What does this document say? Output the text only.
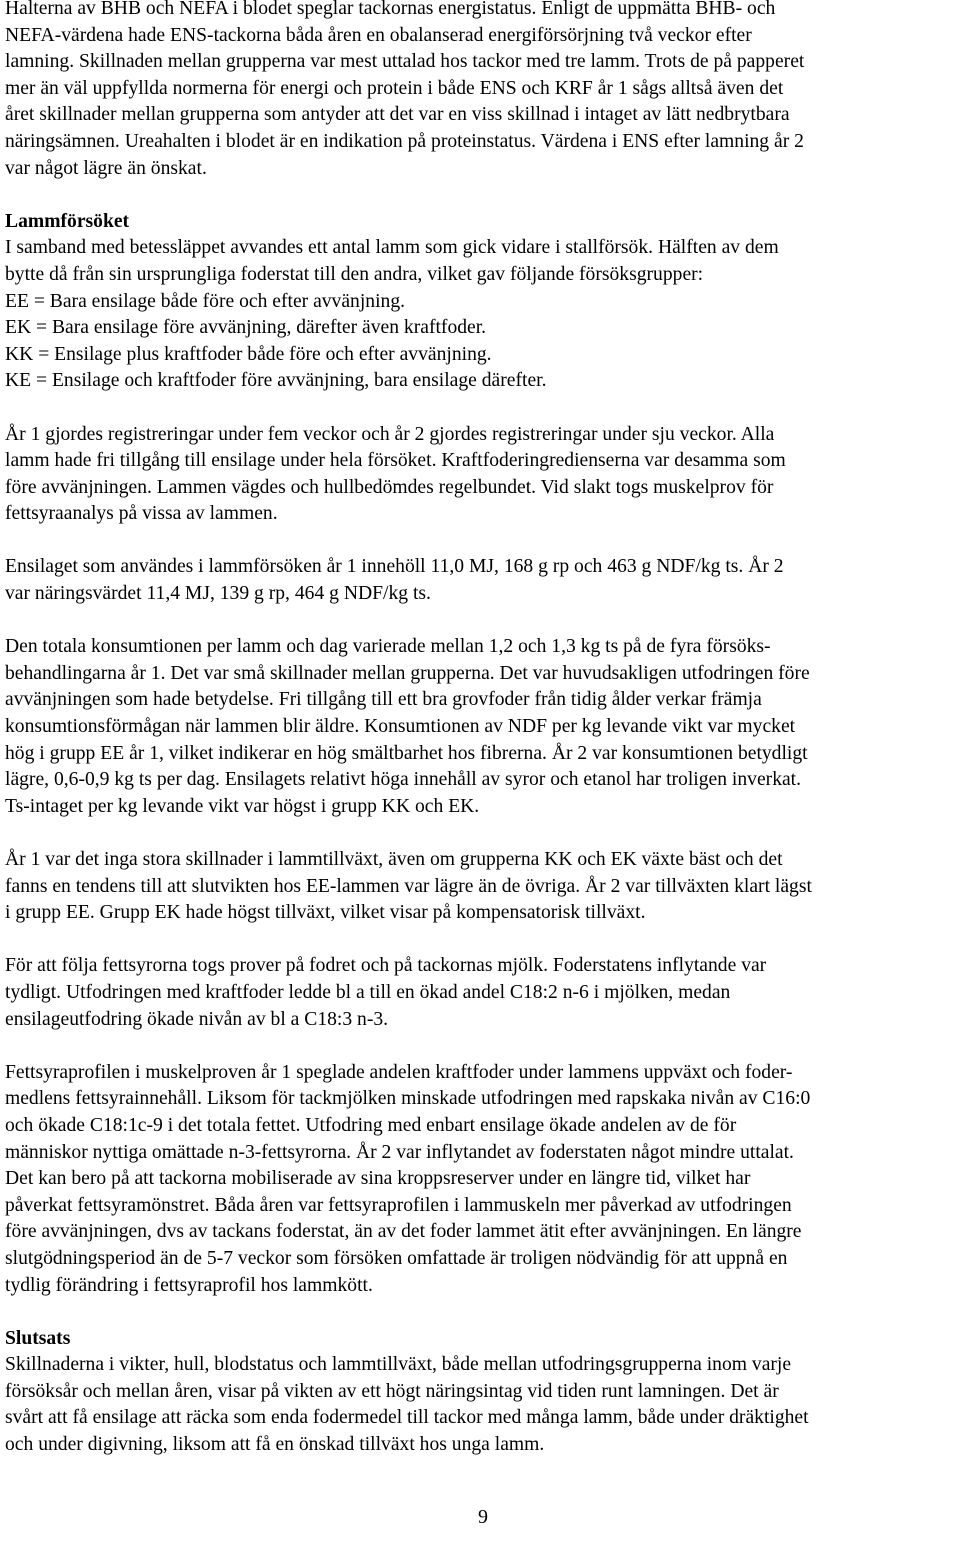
Halterna av BHB och NEFA i blodet speglar tackornas energistatus. Enligt de uppmätta BHB- och

NEFA-värdena hade ENS-tackorna båda åren en obalanserad energiförsörjning två veckor efter

lamning. Skillnaden mellan grupperna var mest uttalad hos tackor med tre lamm. Trots de på papperet

mer än väl uppfyllda normerna för energi och protein i både ENS och KRF år 1 sågs alltså även det

året skillnader mellan grupperna som antyder att det var en viss skillnad i intaget av lätt nedbrytbara

näringsämnen. Ureahalten i blodet är en indikation på proteinstatus. Värdena i ENS efter lamning år 2

var något lägre än önskat.

Lammförsöket

I samband med betessläppet avvandes ett antal lamm som gick vidare i stallförsök. Hälften av dem

bytte då från sin ursprungliga foderstat till den andra, vilket gav följande försöksgrupper:

EE = Bara ensilage både före och efter avvänjning.

EK = Bara ensilage före avvänjning, därefter även kraftfoder.

KK = Ensilage plus kraftfoder både före och efter avvänjning.

KE = Ensilage och kraftfoder före avvänjning, bara ensilage därefter.

År 1 gjordes registreringar under fem veckor och år 2 gjordes registreringar under sju veckor. Alla

lamm hade fri tillgång till ensilage under hela försöket. Kraftfoderingredienserna var desamma som

före avvänjningen. Lammen vägdes och hullbedömdes regelbundet. Vid slakt togs muskelprov för

fettsyraanalys på vissa av lammen.

Ensilaget som användes i lammförsöken år 1 innehöll 11,0 MJ, 168 g rp och 463 g NDF/kg ts. År 2

var näringsvärdet 11,4 MJ, 139 g rp, 464 g NDF/kg ts.

Den totala konsumtionen per lamm och dag varierade mellan 1,2 och 1,3 kg ts på de fyra försöks-

behandlingarna år 1. Det var små skillnader mellan grupperna. Det var huvudsakligen utfodringen före

avvänjningen som hade betydelse. Fri tillgång till ett bra grovfoder från tidig ålder verkar främja

konsumtionsförmågan när lammen blir äldre. Konsumtionen av NDF per kg levande vikt var mycket

hög i grupp EE år 1, vilket indikerar en hög smältbarhet hos fibrerna. År 2 var konsumtionen betydligt

lägre, 0,6-0,9 kg ts per dag. Ensilagets relativt höga innehåll av syror och etanol har troligen inverkat.

Ts-intaget per kg levande vikt var högst i grupp KK och EK.

År 1 var det inga stora skillnader i lammtillväxt, även om grupperna KK och EK växte bäst och det

fanns en tendens till att slutvikten hos EE-lammen var lägre än de övriga. År 2 var tillväxten klart lägst

i grupp EE. Grupp EK hade högst tillväxt, vilket visar på kompensatorisk tillväxt.

För att följa fettsyrorna togs prover på fodret och på tackornas mjölk. Foderstatens inflytande var

tydligt. Utfodringen med kraftfoder ledde bl a till en ökad andel C18:2 n-6 i mjölken, medan

ensilageutfodring ökade nivån av bl a C18:3 n-3.

Fettsyraprofilen i muskelproven år 1 speglade andelen kraftfoder under lammens uppväxt och foder-

medlens fettsyrainnehåll. Liksom för tackmjölken minskade utfodringen med rapskaka nivån av C16:0

och ökade C18:1c-9 i det totala fettet. Utfodring med enbart ensilage ökade andelen av de för

människor nyttiga omättade n-3-fettsyrorna. År 2 var inflytandet av foderstaten något mindre uttalat.

Det kan bero på att tackorna mobiliserade av sina kroppsreserver under en längre tid, vilket har

påverkat fettsyramönstret. Båda åren var fettsyraprofilen i lammuskeln mer påverkad av utfodringen

före avvänjningen, dvs av tackans foderstat, än av det foder lammet ätit efter avvänjningen. En längre

slutgödningsperiod än de 5-7 veckor som försöken omfattade är troligen nödvändig för att uppnå en

tydlig förändring i fettsyraprofil hos lammkött.

Slutsats

Skillnaderna i vikter, hull, blodstatus och lammtillväxt, både mellan utfodringsgrupperna inom varje

försöksår och mellan åren, visar på vikten av ett högt näringsintag vid tiden runt lamningen. Det är

svårt att få ensilage att räcka som enda fodermedel till tackor med många lamm, både under dräktighet

och under digivning, liksom att få en önskad tillväxt hos unga lamm.

9
